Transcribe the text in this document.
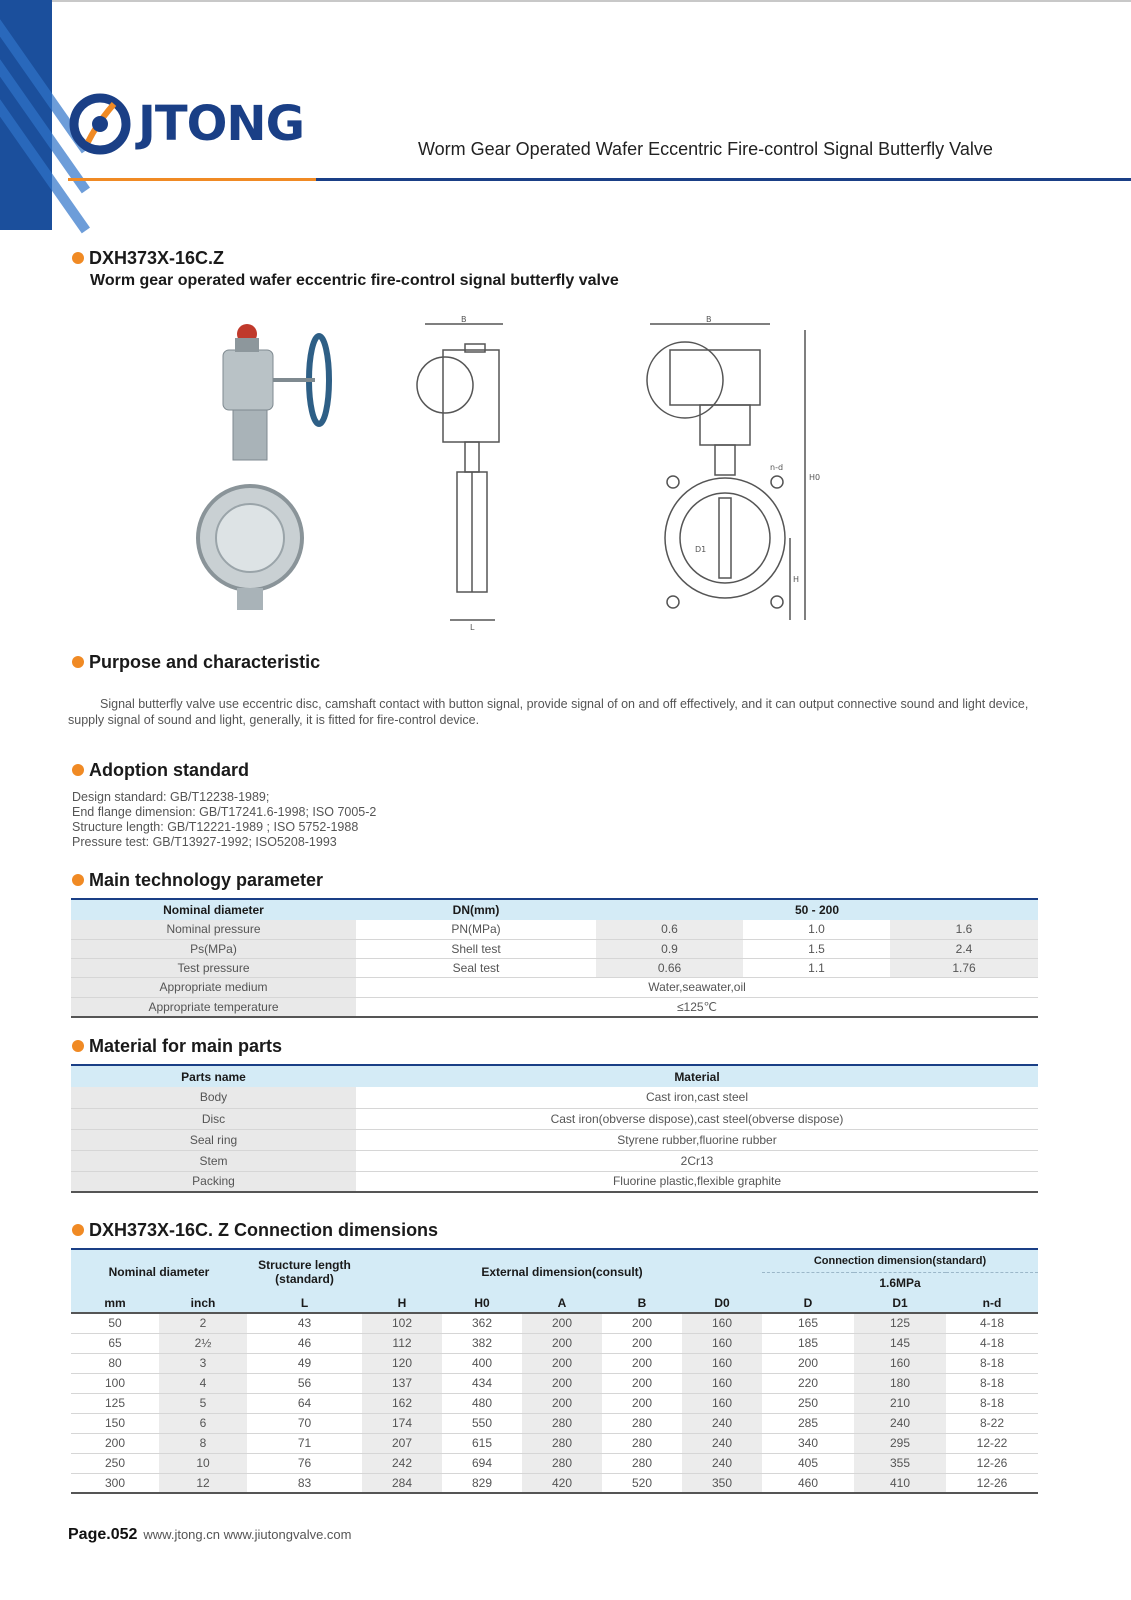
JTONG	Worm Gear Operated Wafer Eccentric Fire-control Signal Butterfly Valve
DXH373X-16C.Z
Worm gear operated wafer eccentric fire-control signal butterfly valve
B	B
H0
H
L
D1
n-d
Purpose and characteristic
Signal butterfly valve use eccentric disc, camshaft contact with button signal, provide signal of on and off effectively, and it can output connective sound and light device, supply signal of sound and light, generally, it is fitted for fire-control device.
Adoption standard
Design standard: GB/T12238-1989;
End flange dimension: GB/T17241.6-1998; ISO 7005-2
Structure length: GB/T12221-1989 ; ISO 5752-1988
Pressure test: GB/T13927-1992; ISO5208-1993
Main technology parameter
Nominal diameter	DN(mm)	50 - 200		
Nominal pressure	PN(MPa)	0.6	1.0	1.6
Ps(MPa)	Shell test	0.9	1.5	2.4
Test pressure	Seal test	0.66	1.1	1.76
Appropriate medium	Water,seawater,oil			
Appropriate temperature	≤125℃			
Material for main parts
Parts name	Material
Body	Cast iron,cast steel
Disc	Cast iron(obverse dispose),cast steel(obverse dispose)
Seal ring	Styrene rubber,fluorine rubber
Stem	2Cr13
Packing	Fluorine plastic,flexible graphite
DXH373X-16C. Z Connection dimensions
Nominal diameter		Structure length (standard)	External dimension(consult)					Connection dimension(standard)		
								1.6MPa		
mm	inch	L	H	H0	A	B	D0	D	D1	n-d
50	2	43	102	362	200	200	160	165	125	4-18
65	2½	46	112	382	200	200	160	185	145	4-18
80	3	49	120	400	200	200	160	200	160	8-18
100	4	56	137	434	200	200	160	220	180	8-18
125	5	64	162	480	200	200	160	250	210	8-18
150	6	70	174	550	280	280	240	285	240	8-22
200	8	71	207	615	280	280	240	340	295	12-22
250	10	76	242	694	280	280	240	405	355	12-26
300	12	83	284	829	420	520	350	460	410	12-26
Page.052 www.jtong.cn www.jiutongvalve.com
